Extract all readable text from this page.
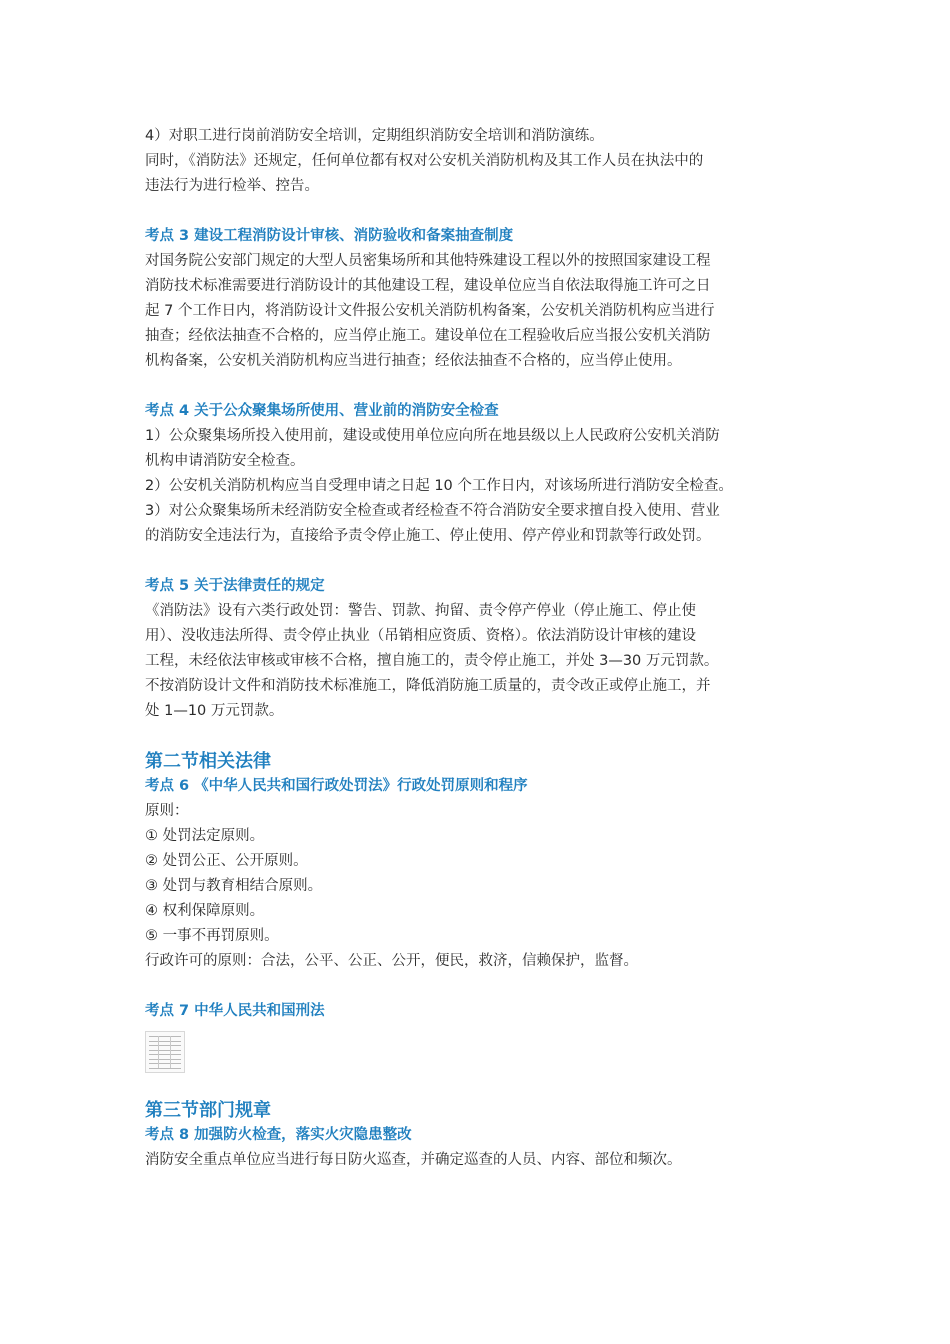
4）对职工进行岗前消防安全培训，定期组织消防安全培训和消防演练。

同时，《消防法》还规定，任何单位都有权对公安机关消防机构及其工作人员在执法中的

违法行为进行检举、控告。

考点 3 建设工程消防设计审核、消防验收和备案抽查制度

对国务院公安部门规定的大型人员密集场所和其他特殊建设工程以外的按照国家建设工程

消防技术标准需要进行消防设计的其他建设工程，建设单位应当自依法取得施工许可之日

起 7 个工作日内，将消防设计文件报公安机关消防机构备案，公安机关消防机构应当进行

抽查；经依法抽查不合格的，应当停止施工。建设单位在工程验收后应当报公安机关消防

机构备案，公安机关消防机构应当进行抽查；经依法抽查不合格的，应当停止使用。

考点 4 关于公众聚集场所使用、营业前的消防安全检查

1）公众聚集场所投入使用前，建设或使用单位应向所在地县级以上人民政府公安机关消防

机构申请消防安全检查。

2）公安机关消防机构应当自受理申请之日起 10 个工作日内，对该场所进行消防安全检查。

3）对公众聚集场所未经消防安全检查或者经检查不符合消防安全要求擅自投入使用、营业

的消防安全违法行为，直接给予责令停止施工、停止使用、停产停业和罚款等行政处罚。

考点 5 关于法律责任的规定

《消防法》设有六类行政处罚：警告、罚款、拘留、责令停产停业（停止施工、停止使

用）、没收违法所得、责令停止执业（吊销相应资质、资格）。依法消防设计审核的建设

工程，未经依法审核或审核不合格，擅自施工的，责令停止施工，并处 3—30 万元罚款。

不按消防设计文件和消防技术标准施工，降低消防施工质量的，责令改正或停止施工，并

处 1—10 万元罚款。

第二节相关法律

考点 6 《中华人民共和国行政处罚法》行政处罚原则和程序

原则：

① 处罚法定原则。

② 处罚公正、公开原则。

③ 处罚与教育相结合原则。

④ 权利保障原则。

⑤ 一事不再罚原则。

行政许可的原则：合法，公平、公正、公开，便民，救济，信赖保护，监督。

考点 7 中华人民共和国刑法

第三节部门规章

考点 8 加强防火检查，落实火灾隐患整改

消防安全重点单位应当进行每日防火巡查，并确定巡查的人员、内容、部位和频次。
